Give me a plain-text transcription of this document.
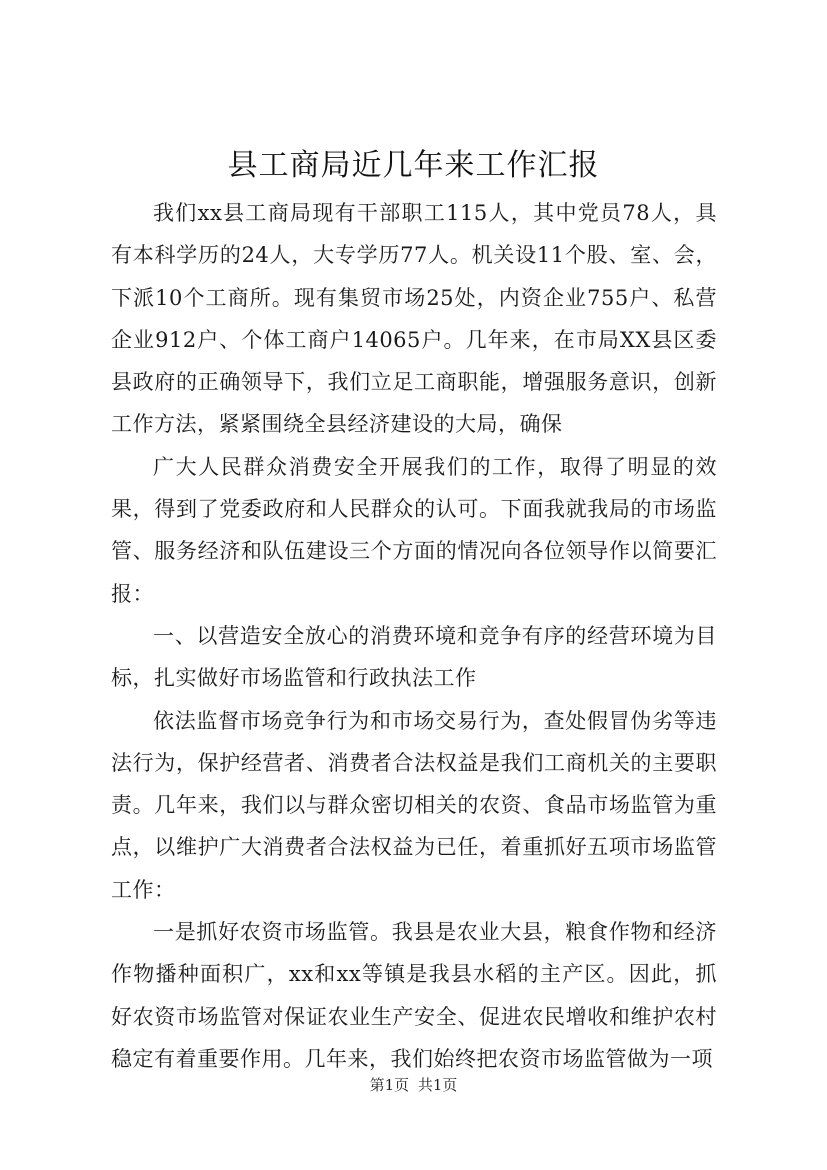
县工商局近几年来工作汇报

我们xx县工商局现有干部职工115人，其中党员78人，具有本科学历的24人，大专学历77人。机关设11个股、室、会，下派10个工商所。现有集贸市场25处，内资企业755户、私营企业912户、个体工商户14065户。几年来，在市局XX县区委县政府的正确领导下，我们立足工商职能，增强服务意识，创新工作方法，紧紧围绕全县经济建设的大局，确保

广大人民群众消费安全开展我们的工作，取得了明显的效果，得到了党委政府和人民群众的认可。下面我就我局的市场监管、服务经济和队伍建设三个方面的情况向各位领导作以简要汇报：

一、以营造安全放心的消费环境和竞争有序的经营环境为目标，扎实做好市场监管和行政执法工作

依法监督市场竞争行为和市场交易行为，查处假冒伪劣等违法行为，保护经营者、消费者合法权益是我们工商机关的主要职责。几年来，我们以与群众密切相关的农资、食品市场监管为重点，以维护广大消费者合法权益为已任，着重抓好五项市场监管工作：

一是抓好农资市场监管。我县是农业大县，粮食作物和经济作物播种面积广，xx和xx等镇是我县水稻的主产区。因此，抓好农资市场监管对保证农业生产安全、促进农民增收和维护农村稳定有着重要作用。几年来，我们始终把农资市场监管做为一项

第1页 共1页
